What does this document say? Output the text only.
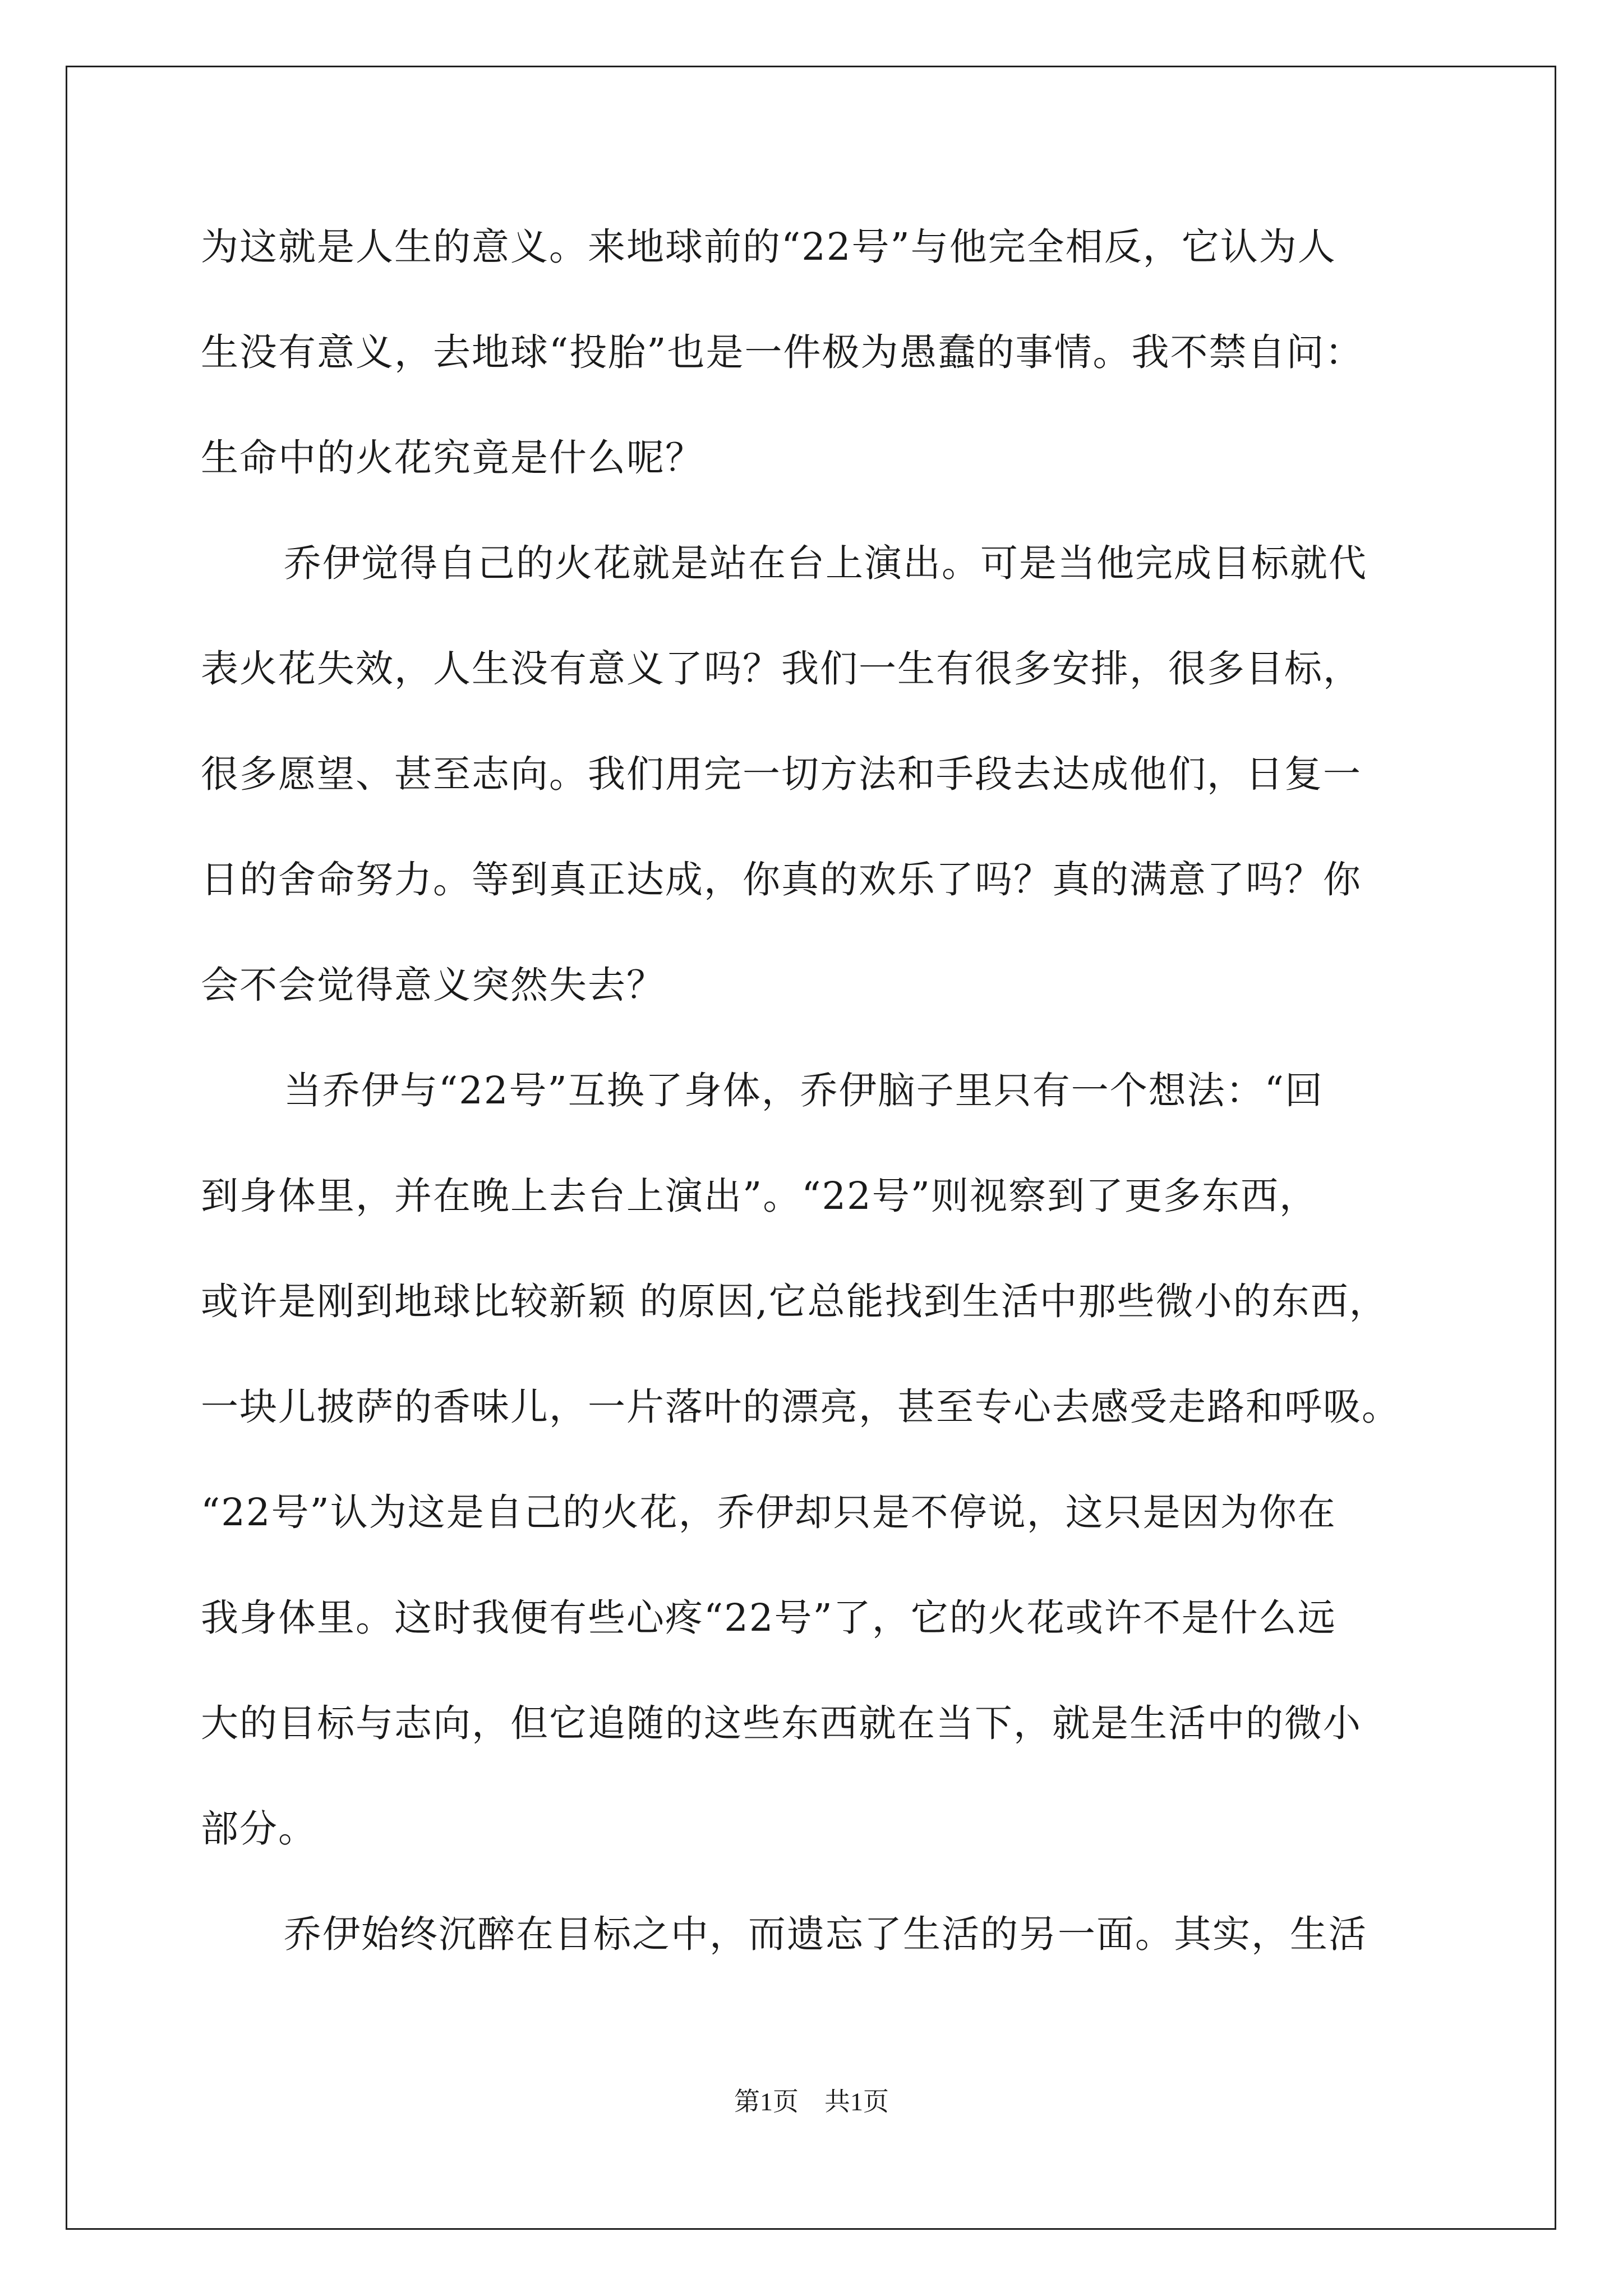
为这就是人生的意义。来地球前的“22号”与他完全相反，它认为人
生没有意义，去地球“投胎”也是一件极为愚蠢的事情。我不禁自问：
生命中的火花究竟是什么呢？
乔伊觉得自己的火花就是站在台上演出。可是当他完成目标就代
表火花失效，人生没有意义了吗？我们一生有很多安排，很多目标，
很多愿望、甚至志向。我们用完一切方法和手段去达成他们，日复一
日的舍命努力。等到真正达成，你真的欢乐了吗？真的满意了吗？你
会不会觉得意义突然失去？
当乔伊与“22号”互换了身体，乔伊脑子里只有一个想法：“回
到身体里，并在晚上去台上演出”。“22号”则视察到了更多东西，
或许是刚到地球比较新颖 的原因,它总能找到生活中那些微小的东西，
一块儿披萨的香味儿，一片落叶的漂亮，甚至专心去感受走路和呼吸。
“22号”认为这是自己的火花，乔伊却只是不停说，这只是因为你在
我身体里。这时我便有些心疼“22号”了，它的火花或许不是什么远
大的目标与志向，但它追随的这些东西就在当下，就是生活中的微小
部分。
乔伊始终沉醉在目标之中，而遗忘了生活的另一面。其实，生活
第1页　共1页
